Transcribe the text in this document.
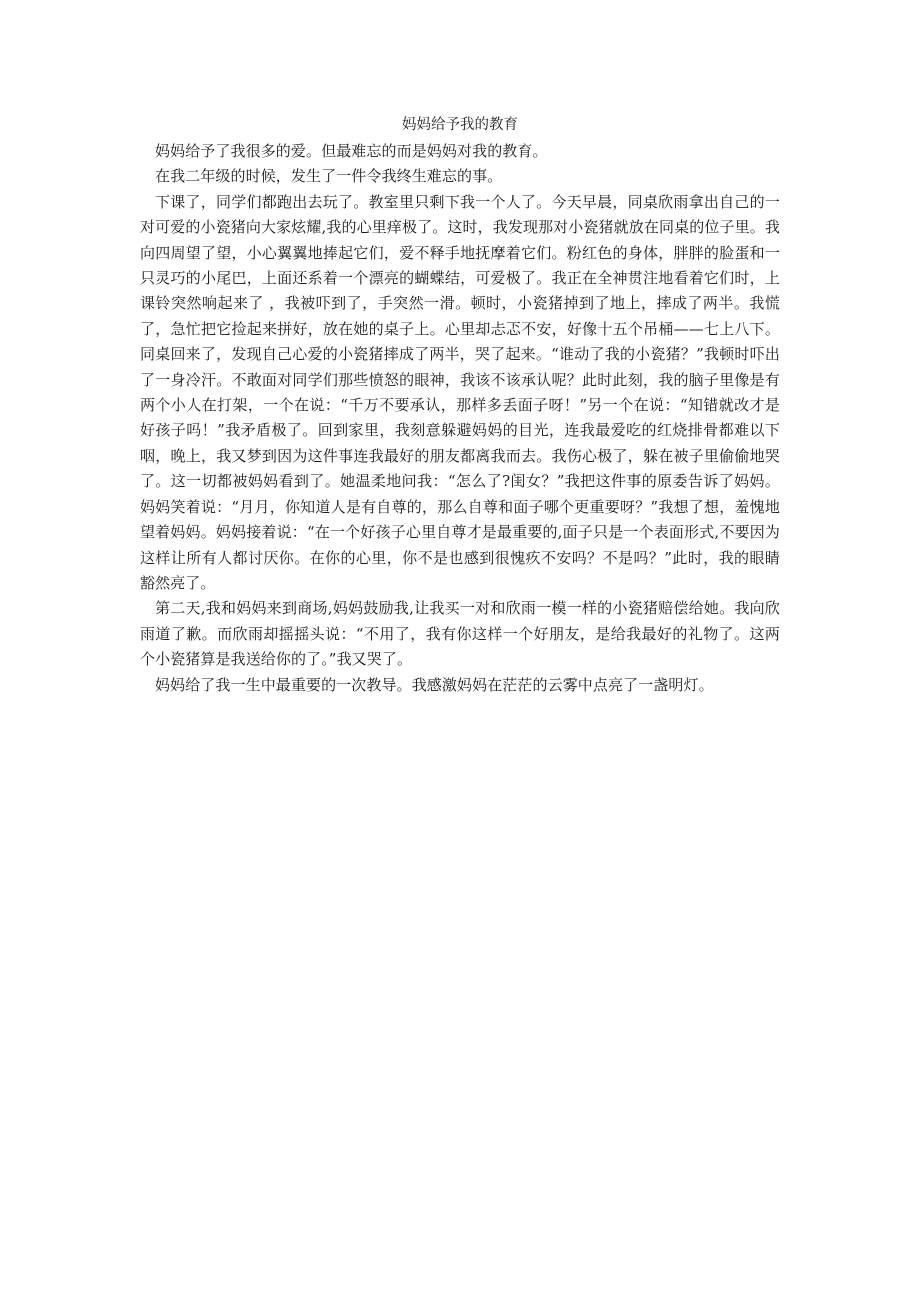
妈妈给予我的教育

妈妈给予了我很多的爱。但最难忘的而是妈妈对我的教育。

在我二年级的时候，发生了一件令我终生难忘的事。

下课了，同学们都跑出去玩了。教室里只剩下我一个人了。今天早晨，同桌欣雨拿出自己的一对可爱的小瓷猪向大家炫耀,我的心里痒极了。这时，我发现那对小瓷猪就放在同桌的位子里。我向四周望了望，小心翼翼地捧起它们，爱不释手地抚摩着它们。粉红色的身体，胖胖的脸蛋和一只灵巧的小尾巴，上面还系着一个漂亮的蝴蝶结，可爱极了。我正在全神贯注地看着它们时，上课铃突然响起来了 ，我被吓到了，手突然一滑。顿时，小瓷猪掉到了地上，摔成了两半。我慌了，急忙把它捡起来拼好，放在她的桌子上。心里却忐忑不安，好像十五个吊桶——七上八下。同桌回来了，发现自己心爱的小瓷猪摔成了两半，哭了起来。“谁动了我的小瓷猪？”我顿时吓出了一身冷汗。不敢面对同学们那些愤怒的眼神，我该不该承认呢？此时此刻，我的脑子里像是有两个小人在打架，一个在说：“千万不要承认，那样多丢面子呀！”另一个在说：“知错就改才是好孩子吗！”我矛盾极了。回到家里，我刻意躲避妈妈的目光，连我最爱吃的红烧排骨都难以下咽，晚上，我又梦到因为这件事连我最好的朋友都离我而去。我伤心极了，躲在被子里偷偷地哭了。这一切都被妈妈看到了。她温柔地问我：“怎么了?闺女？”我把这件事的原委告诉了妈妈。妈妈笑着说：“月月，你知道人是有自尊的，那么自尊和面子哪个更重要呀？”我想了想，羞愧地望着妈妈。妈妈接着说：“在一个好孩子心里自尊才是最重要的,面子只是一个表面形式,不要因为这样让所有人都讨厌你。在你的心里，你不是也感到很愧疚不安吗？不是吗？”此时，我的眼睛豁然亮了。

第二天,我和妈妈来到商场,妈妈鼓励我,让我买一对和欣雨一模一样的小瓷猪赔偿给她。我向欣雨道了歉。而欣雨却摇摇头说：“不用了，我有你这样一个好朋友，是给我最好的礼物了。这两个小瓷猪算是我送给你的了。”我又哭了。

妈妈给了我一生中最重要的一次教导。我感激妈妈在茫茫的云雾中点亮了一盏明灯。
